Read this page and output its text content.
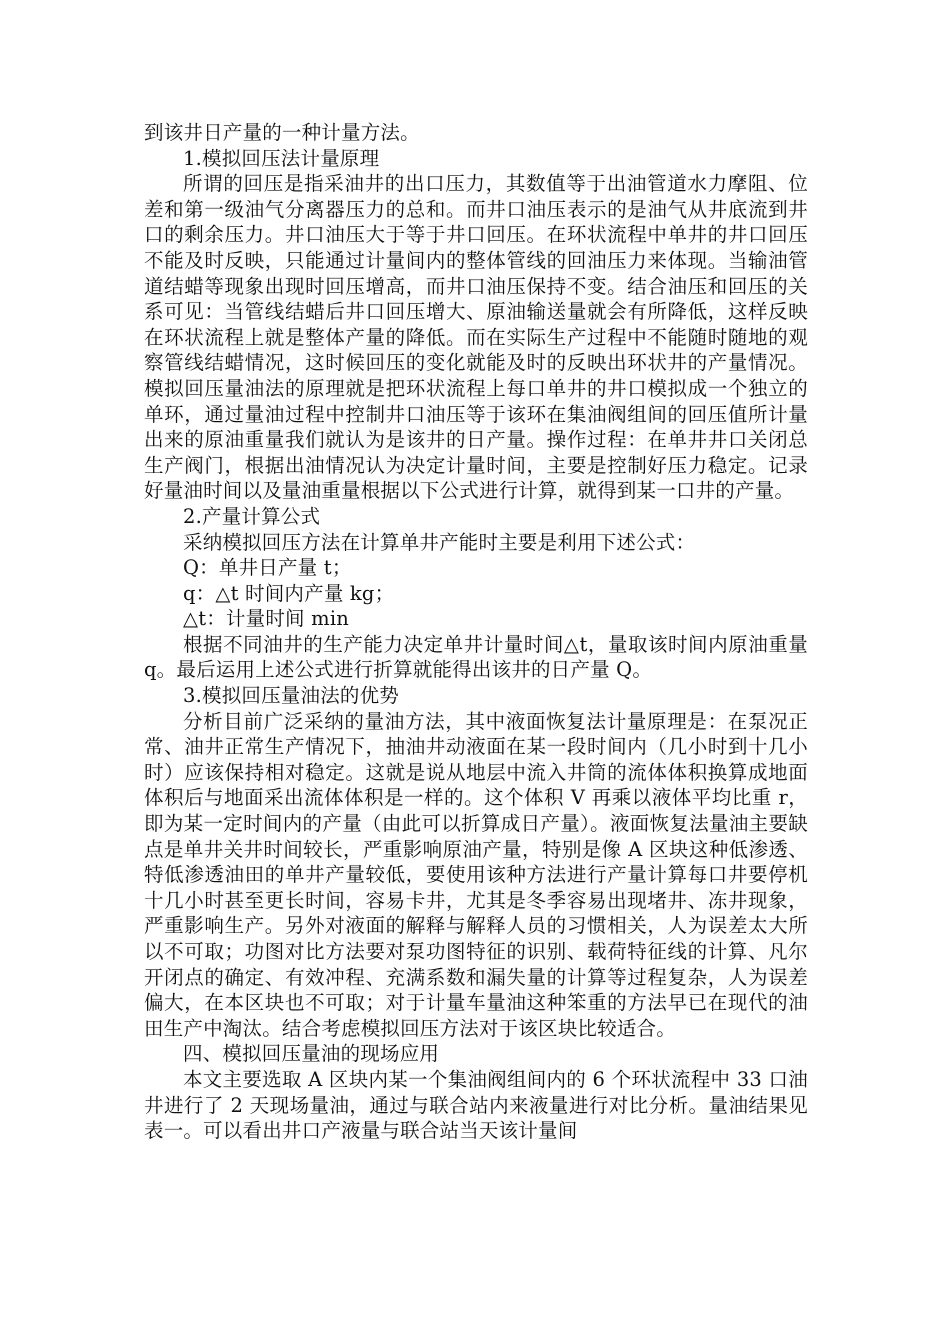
到该井日产量的一种计量方法。

1.模拟回压法计量原理

所谓的回压是指采油井的出口压力，其数值等于出油管道水力摩阻、位差和第一级油气分离器压力的总和。而井口油压表示的是油气从井底流到井口的剩余压力。井口油压大于等于井口回压。在环状流程中单井的井口回压不能及时反映，只能通过计量间内的整体管线的回油压力来体现。当输油管道结蜡等现象出现时回压增高，而井口油压保持不变。结合油压和回压的关系可见：当管线结蜡后井口回压增大、原油输送量就会有所降低，这样反映在环状流程上就是整体产量的降低。而在实际生产过程中不能随时随地的观察管线结蜡情况，这时候回压的变化就能及时的反映出环状井的产量情况。模拟回压量油法的原理就是把环状流程上每口单井的井口模拟成一个独立的单环，通过量油过程中控制井口油压等于该环在集油阀组间的回压值所计量出来的原油重量我们就认为是该井的日产量。操作过程：在单井井口关闭总生产阀门，根据出油情况认为决定计量时间，主要是控制好压力稳定。记录好量油时间以及量油重量根据以下公式进行计算，就得到某一口井的产量。

2.产量计算公式

采纳模拟回压方法在计算单井产能时主要是利用下述公式：

Q：单井日产量 t；

q：△t 时间内产量 kg；

△t：计量时间 min

根据不同油井的生产能力决定单井计量时间△t，量取该时间内原油重量 q。最后运用上述公式进行折算就能得出该井的日产量 Q。

3.模拟回压量油法的优势

分析目前广泛采纳的量油方法，其中液面恢复法计量原理是：在泵况正常、油井正常生产情况下，抽油井动液面在某一段时间内（几小时到十几小时）应该保持相对稳定。这就是说从地层中流入井筒的流体体积换算成地面体积后与地面采出流体体积是一样的。这个体积 V 再乘以液体平均比重 r，即为某一定时间内的产量（由此可以折算成日产量）。液面恢复法量油主要缺点是单井关井时间较长，严重影响原油产量，特别是像 A 区块这种低渗透、特低渗透油田的单井产量较低，要使用该种方法进行产量计算每口井要停机十几小时甚至更长时间，容易卡井，尤其是冬季容易出现堵井、冻井现象，严重影响生产。另外对液面的解释与解释人员的习惯相关，人为误差太大所以不可取；功图对比方法要对泵功图特征的识别、载荷特征线的计算、凡尔开闭点的确定、有效冲程、充满系数和漏失量的计算等过程复杂，人为误差偏大，在本区块也不可取；对于计量车量油这种笨重的方法早已在现代的油田生产中淘汰。结合考虑模拟回压方法对于该区块比较适合。

四、模拟回压量油的现场应用

本文主要选取 A 区块内某一个集油阀组间内的 6 个环状流程中 33 口油井进行了 2 天现场量油，通过与联合站内来液量进行对比分析。量油结果见表一。可以看出井口产液量与联合站当天该计量间
